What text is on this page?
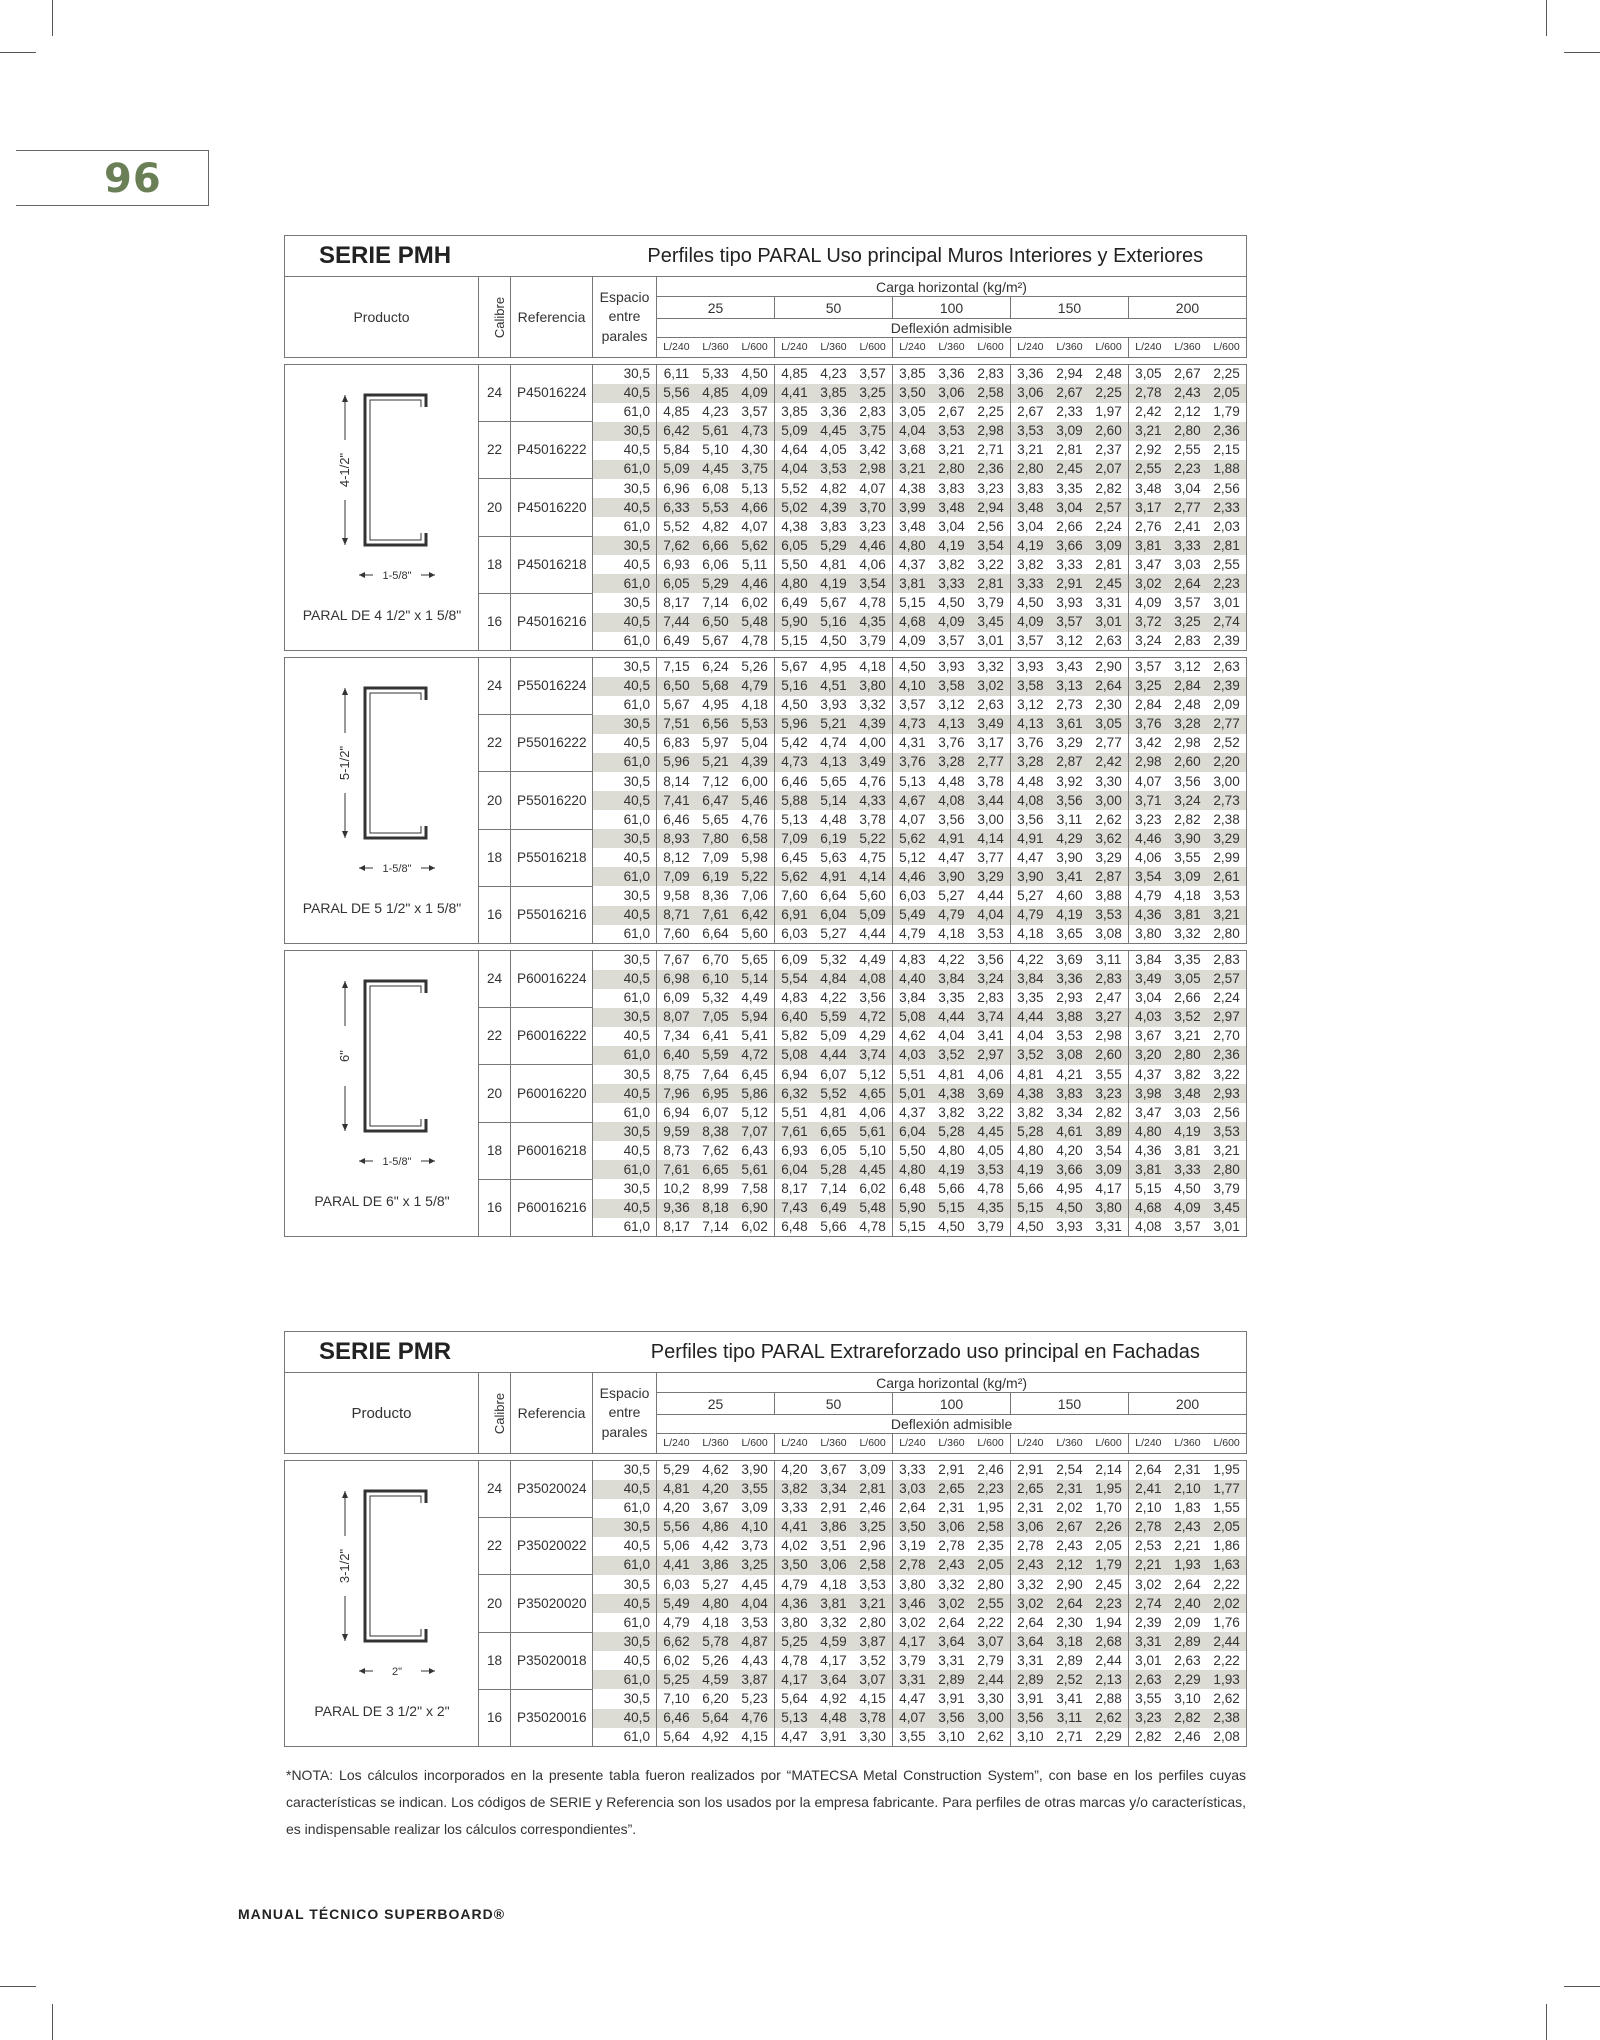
96
SERIE PMH			Perfiles tipo PARAL Uso principal Muros Interiores y Exteriores															
Producto	Calibre	Referencia	Espacio entre parales	Carga horizontal (kg/m²)														
				25			50			100			150			200		
				Deflexión admisible														
				L/240	L/360	L/600	L/240	L/360	L/600	L/240	L/360	L/600	L/240	L/360	L/600	L/240	L/360	L/600

4-1/2"
1-5/8"
PARAL DE 4 1/2" x 1 5/8"	24	P45016224	30,5	6,11	5,33	4,50	4,85	4,23	3,57	3,85	3,36	2,83	3,36	2,94	2,48	3,05	2,67	2,25
			40,5	5,56	4,85	4,09	4,41	3,85	3,25	3,50	3,06	2,58	3,06	2,67	2,25	2,78	2,43	2,05
			61,0	4,85	4,23	3,57	3,85	3,36	2,83	3,05	2,67	2,25	2,67	2,33	1,97	2,42	2,12	1,79
	22	P45016222	30,5	6,42	5,61	4,73	5,09	4,45	3,75	4,04	3,53	2,98	3,53	3,09	2,60	3,21	2,80	2,36
			40,5	5,84	5,10	4,30	4,64	4,05	3,42	3,68	3,21	2,71	3,21	2,81	2,37	2,92	2,55	2,15
			61,0	5,09	4,45	3,75	4,04	3,53	2,98	3,21	2,80	2,36	2,80	2,45	2,07	2,55	2,23	1,88
	20	P45016220	30,5	6,96	6,08	5,13	5,52	4,82	4,07	4,38	3,83	3,23	3,83	3,35	2,82	3,48	3,04	2,56
			40,5	6,33	5,53	4,66	5,02	4,39	3,70	3,99	3,48	2,94	3,48	3,04	2,57	3,17	2,77	2,33
			61,0	5,52	4,82	4,07	4,38	3,83	3,23	3,48	3,04	2,56	3,04	2,66	2,24	2,76	2,41	2,03
	18	P45016218	30,5	7,62	6,66	5,62	6,05	5,29	4,46	4,80	4,19	3,54	4,19	3,66	3,09	3,81	3,33	2,81
			40,5	6,93	6,06	5,11	5,50	4,81	4,06	4,37	3,82	3,22	3,82	3,33	2,81	3,47	3,03	2,55
			61,0	6,05	5,29	4,46	4,80	4,19	3,54	3,81	3,33	2,81	3,33	2,91	2,45	3,02	2,64	2,23
	16	P45016216	30,5	8,17	7,14	6,02	6,49	5,67	4,78	5,15	4,50	3,79	4,50	3,93	3,31	4,09	3,57	3,01
			40,5	7,44	6,50	5,48	5,90	5,16	4,35	4,68	4,09	3,45	4,09	3,57	3,01	3,72	3,25	2,74
			61,0	6,49	5,67	4,78	5,15	4,50	3,79	4,09	3,57	3,01	3,57	3,12	2,63	3,24	2,83	2,39

5-1/2"
1-5/8"
PARAL DE 5 1/2" x 1 5/8"	24	P55016224	30,5	7,15	6,24	5,26	5,67	4,95	4,18	4,50	3,93	3,32	3,93	3,43	2,90	3,57	3,12	2,63
			40,5	6,50	5,68	4,79	5,16	4,51	3,80	4,10	3,58	3,02	3,58	3,13	2,64	3,25	2,84	2,39
			61,0	5,67	4,95	4,18	4,50	3,93	3,32	3,57	3,12	2,63	3,12	2,73	2,30	2,84	2,48	2,09
	22	P55016222	30,5	7,51	6,56	5,53	5,96	5,21	4,39	4,73	4,13	3,49	4,13	3,61	3,05	3,76	3,28	2,77
			40,5	6,83	5,97	5,04	5,42	4,74	4,00	4,31	3,76	3,17	3,76	3,29	2,77	3,42	2,98	2,52
			61,0	5,96	5,21	4,39	4,73	4,13	3,49	3,76	3,28	2,77	3,28	2,87	2,42	2,98	2,60	2,20
	20	P55016220	30,5	8,14	7,12	6,00	6,46	5,65	4,76	5,13	4,48	3,78	4,48	3,92	3,30	4,07	3,56	3,00
			40,5	7,41	6,47	5,46	5,88	5,14	4,33	4,67	4,08	3,44	4,08	3,56	3,00	3,71	3,24	2,73
			61,0	6,46	5,65	4,76	5,13	4,48	3,78	4,07	3,56	3,00	3,56	3,11	2,62	3,23	2,82	2,38
	18	P55016218	30,5	8,93	7,80	6,58	7,09	6,19	5,22	5,62	4,91	4,14	4,91	4,29	3,62	4,46	3,90	3,29
			40,5	8,12	7,09	5,98	6,45	5,63	4,75	5,12	4,47	3,77	4,47	3,90	3,29	4,06	3,55	2,99
			61,0	7,09	6,19	5,22	5,62	4,91	4,14	4,46	3,90	3,29	3,90	3,41	2,87	3,54	3,09	2,61
	16	P55016216	30,5	9,58	8,36	7,06	7,60	6,64	5,60	6,03	5,27	4,44	5,27	4,60	3,88	4,79	4,18	3,53
			40,5	8,71	7,61	6,42	6,91	6,04	5,09	5,49	4,79	4,04	4,79	4,19	3,53	4,36	3,81	3,21
			61,0	7,60	6,64	5,60	6,03	5,27	4,44	4,79	4,18	3,53	4,18	3,65	3,08	3,80	3,32	2,80

6"
1-5/8"
PARAL DE 6" x 1 5/8"	24	P60016224	30,5	7,67	6,70	5,65	6,09	5,32	4,49	4,83	4,22	3,56	4,22	3,69	3,11	3,84	3,35	2,83
			40,5	6,98	6,10	5,14	5,54	4,84	4,08	4,40	3,84	3,24	3,84	3,36	2,83	3,49	3,05	2,57
			61,0	6,09	5,32	4,49	4,83	4,22	3,56	3,84	3,35	2,83	3,35	2,93	2,47	3,04	2,66	2,24
	22	P60016222	30,5	8,07	7,05	5,94	6,40	5,59	4,72	5,08	4,44	3,74	4,44	3,88	3,27	4,03	3,52	2,97
			40,5	7,34	6,41	5,41	5,82	5,09	4,29	4,62	4,04	3,41	4,04	3,53	2,98	3,67	3,21	2,70
			61,0	6,40	5,59	4,72	5,08	4,44	3,74	4,03	3,52	2,97	3,52	3,08	2,60	3,20	2,80	2,36
	20	P60016220	30,5	8,75	7,64	6,45	6,94	6,07	5,12	5,51	4,81	4,06	4,81	4,21	3,55	4,37	3,82	3,22
			40,5	7,96	6,95	5,86	6,32	5,52	4,65	5,01	4,38	3,69	4,38	3,83	3,23	3,98	3,48	2,93
			61,0	6,94	6,07	5,12	5,51	4,81	4,06	4,37	3,82	3,22	3,82	3,34	2,82	3,47	3,03	2,56
	18	P60016218	30,5	9,59	8,38	7,07	7,61	6,65	5,61	6,04	5,28	4,45	5,28	4,61	3,89	4,80	4,19	3,53
			40,5	8,73	7,62	6,43	6,93	6,05	5,10	5,50	4,80	4,05	4,80	4,20	3,54	4,36	3,81	3,21
			61,0	7,61	6,65	5,61	6,04	5,28	4,45	4,80	4,19	3,53	4,19	3,66	3,09	3,81	3,33	2,80
	16	P60016216	30,5	10,2	8,99	7,58	8,17	7,14	6,02	6,48	5,66	4,78	5,66	4,95	4,17	5,15	4,50	3,79
			40,5	9,36	8,18	6,90	7,43	6,49	5,48	5,90	5,15	4,35	5,15	4,50	3,80	4,68	4,09	3,45
			61,0	8,17	7,14	6,02	6,48	5,66	4,78	5,15	4,50	3,79	4,50	3,93	3,31	4,08	3,57	3,01
SERIE PMR			Perfiles tipo PARAL Extrareforzado uso principal en Fachadas															
Producto	Calibre	Referencia	Espacio entre parales	Carga horizontal (kg/m²)														
				25			50			100			150			200		
				Deflexión admisible														
				L/240	L/360	L/600	L/240	L/360	L/600	L/240	L/360	L/600	L/240	L/360	L/600	L/240	L/360	L/600

3-1/2"
2"
PARAL DE 3 1/2" x 2"	24	P35020024	30,5	5,29	4,62	3,90	4,20	3,67	3,09	3,33	2,91	2,46	2,91	2,54	2,14	2,64	2,31	1,95
			40,5	4,81	4,20	3,55	3,82	3,34	2,81	3,03	2,65	2,23	2,65	2,31	1,95	2,41	2,10	1,77
			61,0	4,20	3,67	3,09	3,33	2,91	2,46	2,64	2,31	1,95	2,31	2,02	1,70	2,10	1,83	1,55
	22	P35020022	30,5	5,56	4,86	4,10	4,41	3,86	3,25	3,50	3,06	2,58	3,06	2,67	2,26	2,78	2,43	2,05
			40,5	5,06	4,42	3,73	4,02	3,51	2,96	3,19	2,78	2,35	2,78	2,43	2,05	2,53	2,21	1,86
			61,0	4,41	3,86	3,25	3,50	3,06	2,58	2,78	2,43	2,05	2,43	2,12	1,79	2,21	1,93	1,63
	20	P35020020	30,5	6,03	5,27	4,45	4,79	4,18	3,53	3,80	3,32	2,80	3,32	2,90	2,45	3,02	2,64	2,22
			40,5	5,49	4,80	4,04	4,36	3,81	3,21	3,46	3,02	2,55	3,02	2,64	2,23	2,74	2,40	2,02
			61,0	4,79	4,18	3,53	3,80	3,32	2,80	3,02	2,64	2,22	2,64	2,30	1,94	2,39	2,09	1,76
	18	P35020018	30,5	6,62	5,78	4,87	5,25	4,59	3,87	4,17	3,64	3,07	3,64	3,18	2,68	3,31	2,89	2,44
			40,5	6,02	5,26	4,43	4,78	4,17	3,52	3,79	3,31	2,79	3,31	2,89	2,44	3,01	2,63	2,22
			61,0	5,25	4,59	3,87	4,17	3,64	3,07	3,31	2,89	2,44	2,89	2,52	2,13	2,63	2,29	1,93
	16	P35020016	30,5	7,10	6,20	5,23	5,64	4,92	4,15	4,47	3,91	3,30	3,91	3,41	2,88	3,55	3,10	2,62
			40,5	6,46	5,64	4,76	5,13	4,48	3,78	4,07	3,56	3,00	3,56	3,11	2,62	3,23	2,82	2,38
			61,0	5,64	4,92	4,15	4,47	3,91	3,30	3,55	3,10	2,62	3,10	2,71	2,29	2,82	2,46	2,08
*NOTA: Los cálculos incorporados en la presente tabla fueron realizados por “MATECSA Metal Construction System”, con base en los perfiles cuyas características se indican. Los códigos de SERIE y Referencia son los usados por la empresa fabricante. Para perfiles de otras marcas y/o características, es indispensable realizar los cálculos correspondientes”.
MANUAL TÉCNICO SUPERBOARD®
